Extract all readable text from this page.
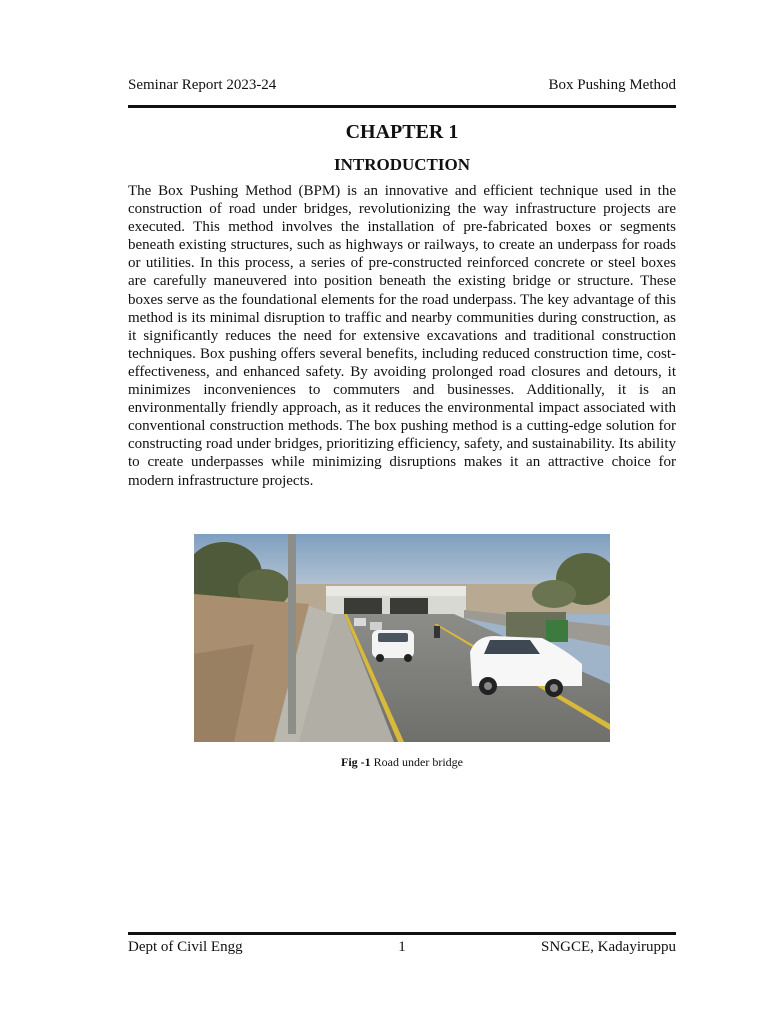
Seminar Report 2023-24	Box Pushing Method
CHAPTER 1
INTRODUCTION

The Box Pushing Method (BPM) is an innovative and efficient technique used in the construction of road under bridges, revolutionizing the way infrastructure projects are executed. This method involves the installation of pre-fabricated boxes or segments beneath existing structures, such as highways or railways, to create an underpass for roads or utilities. In this process, a series of pre-constructed reinforced concrete or steel boxes are carefully maneuvered into position beneath the existing bridge or structure. These boxes serve as the foundational elements for the road underpass. The key advantage of this method is its minimal disruption to traffic and nearby communities during construction, as it significantly reduces the need for extensive excavations and traditional construction techniques. Box pushing offers several benefits, including reduced construction time, cost-effectiveness, and enhanced safety. By avoiding prolonged road closures and detours, it minimizes inconveniences to commuters and businesses. Additionally, it is an environmentally friendly approach, as it reduces the environmental impact associated with conventional construction methods. The box pushing method is a cutting-edge solution for constructing road under bridges, prioritizing efficiency, safety, and sustainability. Its ability to create underpasses while minimizing disruptions makes it an attractive choice for modern infrastructure projects.

Fig -1 Road under bridge
Dept of Civil Engg	1	SNGCE, Kadayiruppu
